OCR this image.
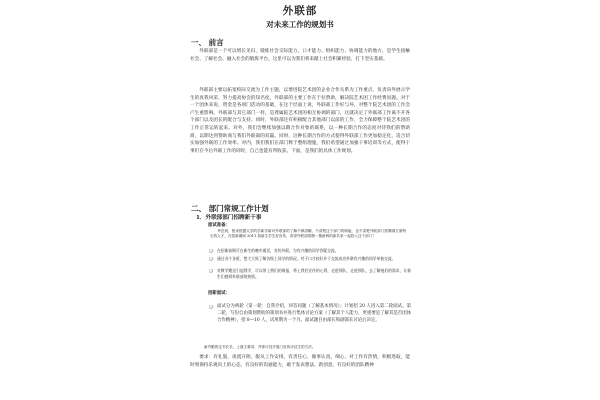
外联部
对未来工作的规划书
一、 前言

外联部是一个可以增长见识、锻炼社会交际能力、口才能力、组织能力、协调能力的地方，是学生接触社会、了解社会、融入社会的锻炼平台。这里可以为我们将来踏上社会积累经验，打下坚实基础。

外联部主要以拓宽校际交流为工作主题，以增进院艺术团的企业合作关系为工作重点，负责向外展示学生的真我风采，努力提高协会的知名度。外联部的主要工作在于拉赞助，解决院艺术团工作经费问题。对于一个团体来说，资金是各项门活动的基础，在这个层面上说，外联部工作好与坏，对整个院艺术团的工作会产生重影响。外联部与其它部门一样，是龚属院艺术团的相互协调的部门，这就决定了外联部工作离不开各个部门以及团长的配合与支持。同时，外联部还有积极配合其他部门以前的工作，全力保障整个院艺术团的工作正常运转起来。对外，我们会继续加强以期合作对象的联系，以一种长期合作的态度对待我们的赞助商，以期达到赞助商与我们外联部的双赢。同时，这种长期合作的方式使得外联部工作更加稳定化，适合切实加强外联的工作效率。对内，我们我们在部门释于整组理施，我们希望通过加强干事培训等方式，使得干事们在今后外联工作的同时，自己也能有所收获。下面，是我们的具体工作规划。

二、 部门常规工作计划
1．外联部部门招聘新干事
面试准备：

考虑到，根来根据大学的学新学新对外联部的了解不够清晰，不清楚这个部门的职能，也不清楚外联部门需要哪方面特长的人才，在招新期间 2011 届新生学生好宣传，希望外联部招聘一梗新鲜的新共来一起投入这个部门！

❑ 在招新前期可在新生的晚中通话，宣传外联，为有兴趣的同学答疑交流。
❑ 通过各个各班，想大大致了解各级上同学的情况，对于口才较好并于交流成功外联有兴趣的同学单独交流。
❑ 对教学搬送引起领学，可以带上我们的海报，带上我们宣传的心得，走进领队，走进领队，去了解他们的需求，让新生们感到外联部的热情。
招新面试：
❑ 面试分为两轮（第一轮：自我介绍，回答问题（了解基本情况）；计划招 20 人进入第二轮面试。第二轮，写份自由策划赞助的策划书并进行集体讨论方案（了解其个人能力，更重要是了解其是否团体合作精神），招 8—10 人，试用期为一个月。面试题目由部长和副部长讨论后决定。

新外勤的定书长长，上面主要讲，并即计其开展门宣传评估生的方法。

要求：有礼貌，谈流开朗，服从工作安排，有责任心，做事认真，细心，对工作有热情，积极进取，能时刻保持乐观向上的心态，有良好的沟通能力，敢于发表想法、新创意，有良好的团队精神
